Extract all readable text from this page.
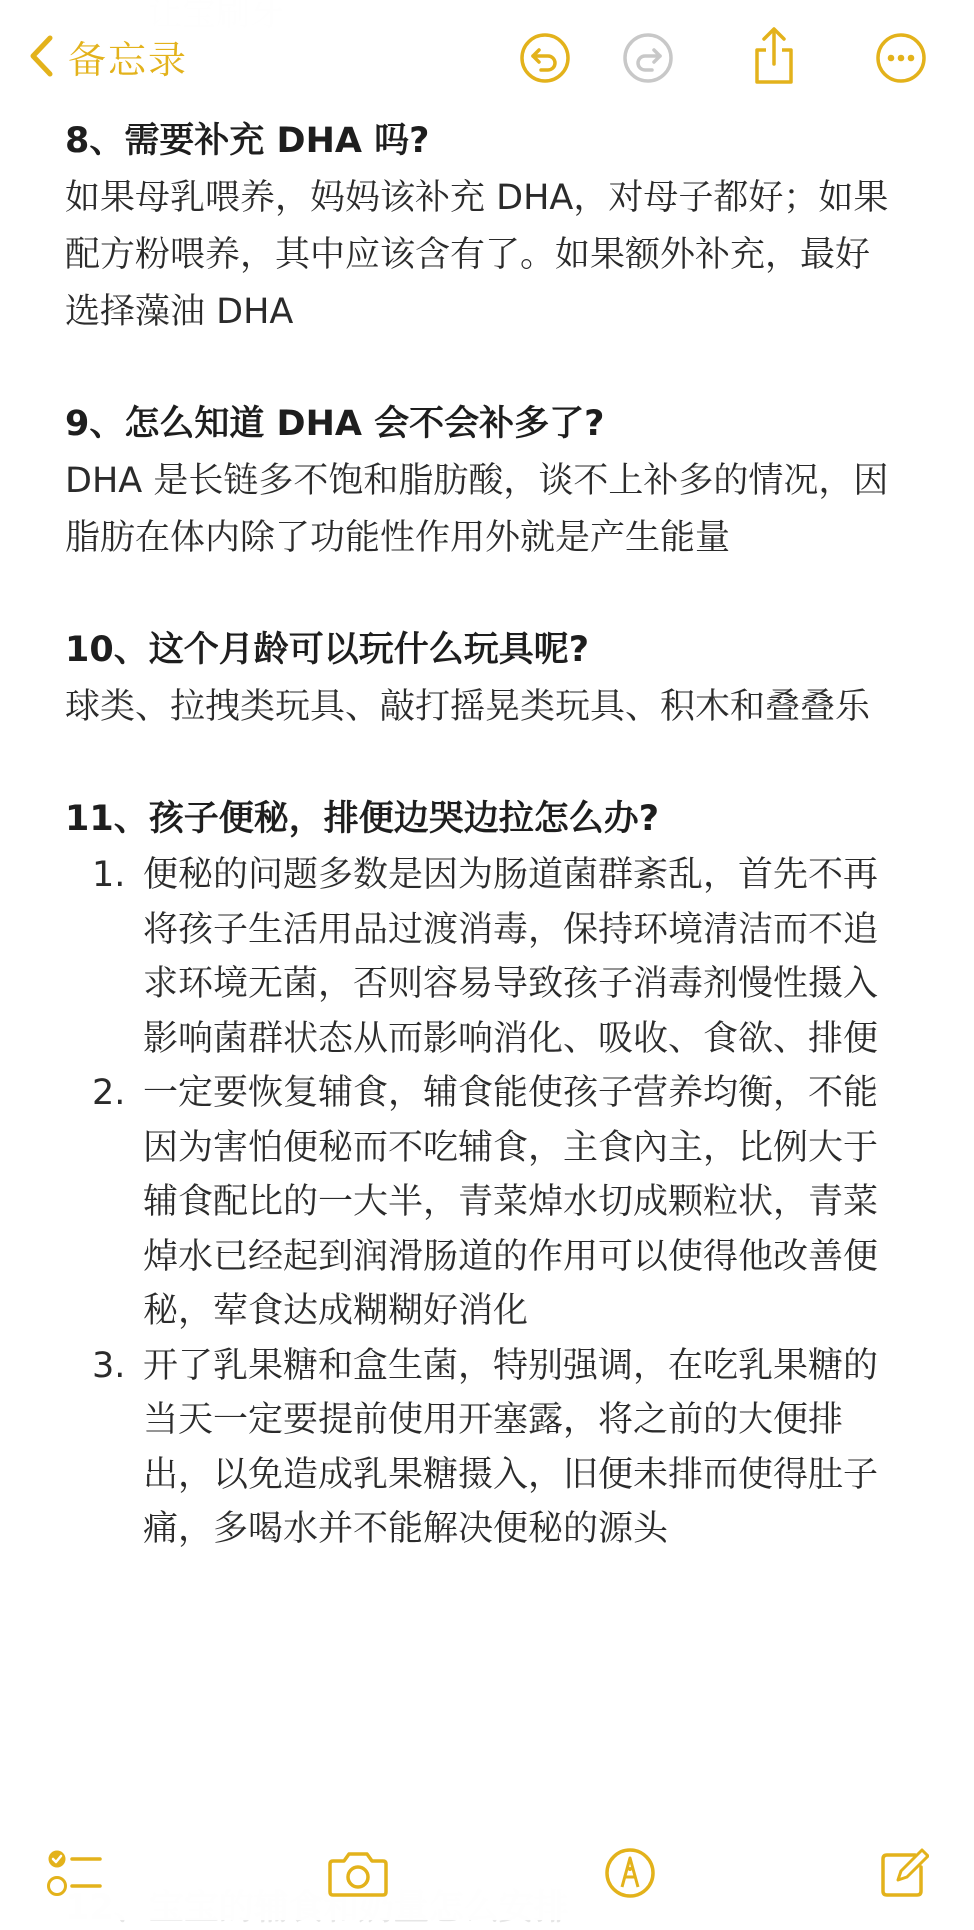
备忘录

8、需要补充 DHA 吗?

如果母乳喂养，妈妈该补充 DHA，对母子都好；如果配方粉喂养，其中应该含有了。如果额外补充，最好选择藻油 DHA

9、怎么知道 DHA 会不会补多了?

DHA 是长链多不饱和脂肪酸，谈不上补多的情况，因脂肪在体内除了功能性作用外就是产生能量

10、这个月龄可以玩什么玩具呢?

球类、拉拽类玩具、敲打摇晃类玩具、积木和叠叠乐

11、孩子便秘，排便边哭边拉怎么办?

1. 便秘的问题多数是因为肠道菌群紊乱，首先不再将孩子生活用品过渡消毒，保持环境清洁而不追求环境无菌，否则容易导致孩子消毒剂慢性摄入影响菌群状态从而影响消化、吸收、食欲、排便
2. 一定要恢复辅食，辅食能使孩子营养均衡，不能因为害怕便秘而不吃辅食，主食內主，比例大于辅食配比的一大半，青菜焯水切成颗粒状，青菜焯水已经起到润滑肠道的作用可以使得他改善便秘，荤食达成糊糊好消化
3. 开了乳果糖和盒生菌，特别强调，在吃乳果糖的当天一定要提前使用开塞露，将之前的大便排出，以免造成乳果糖摄入，旧便未排而使得肚子痛，多喝水并不能解决便秘的源头
